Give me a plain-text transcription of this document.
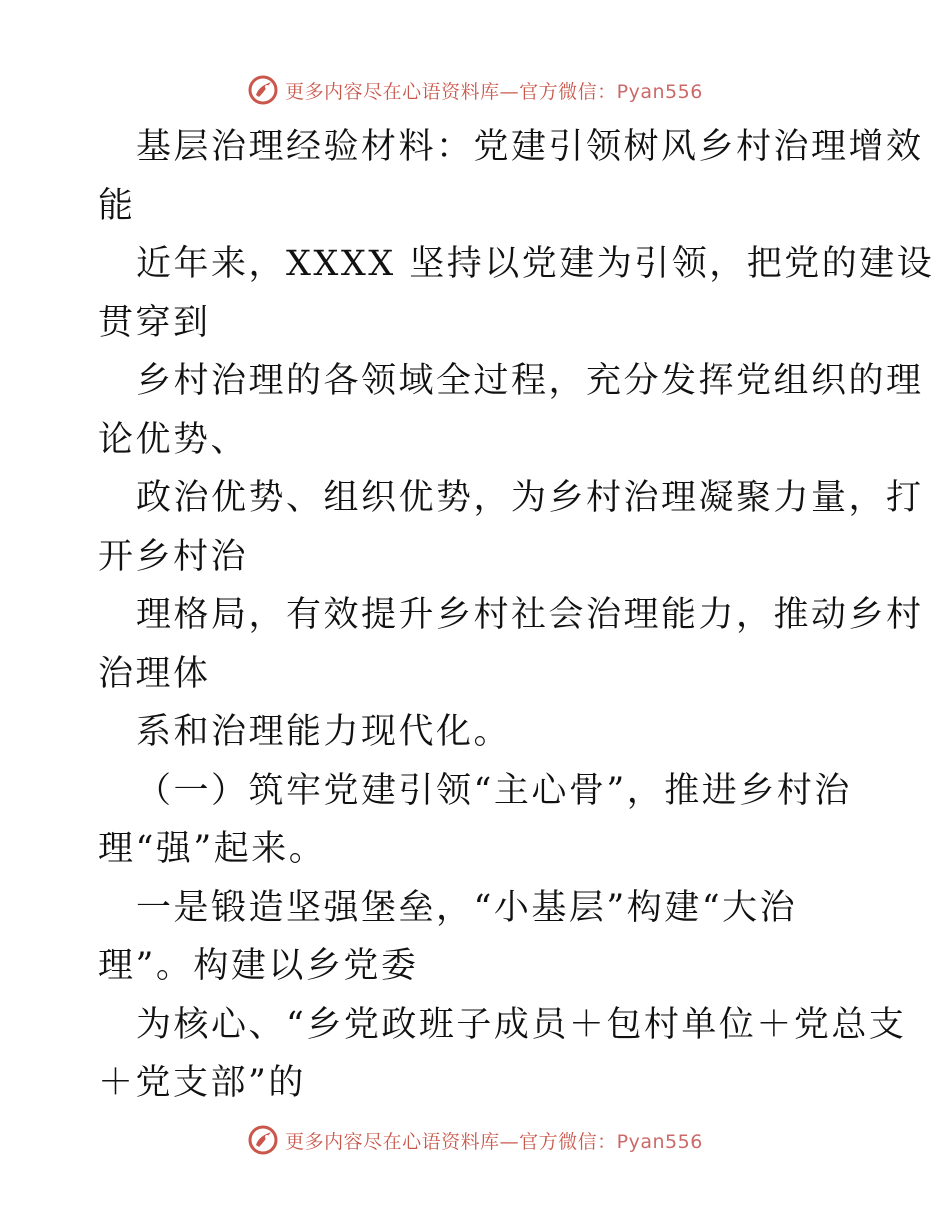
更多内容尽在心语资料库—官方微信：Pyan556
基层治理经验材料：党建引领树风乡村治理增效
能
近年来，XXXX 坚持以党建为引领，把党的建设
贯穿到
乡村治理的各领域全过程，充分发挥党组织的理
论优势、
政治优势、组织优势，为乡村治理凝聚力量，打
开乡村治
理格局，有效提升乡村社会治理能力，推动乡村
治理体
系和治理能力现代化。
（一）筑牢党建引领“主心骨”，推进乡村治
理“强”起来。
一是锻造坚强堡垒，“小基层”构建“大治
理”。构建以乡党委
为核心、“乡党政班子成员＋包村单位＋党总支
＋党支部”的
更多内容尽在心语资料库—官方微信：Pyan556
